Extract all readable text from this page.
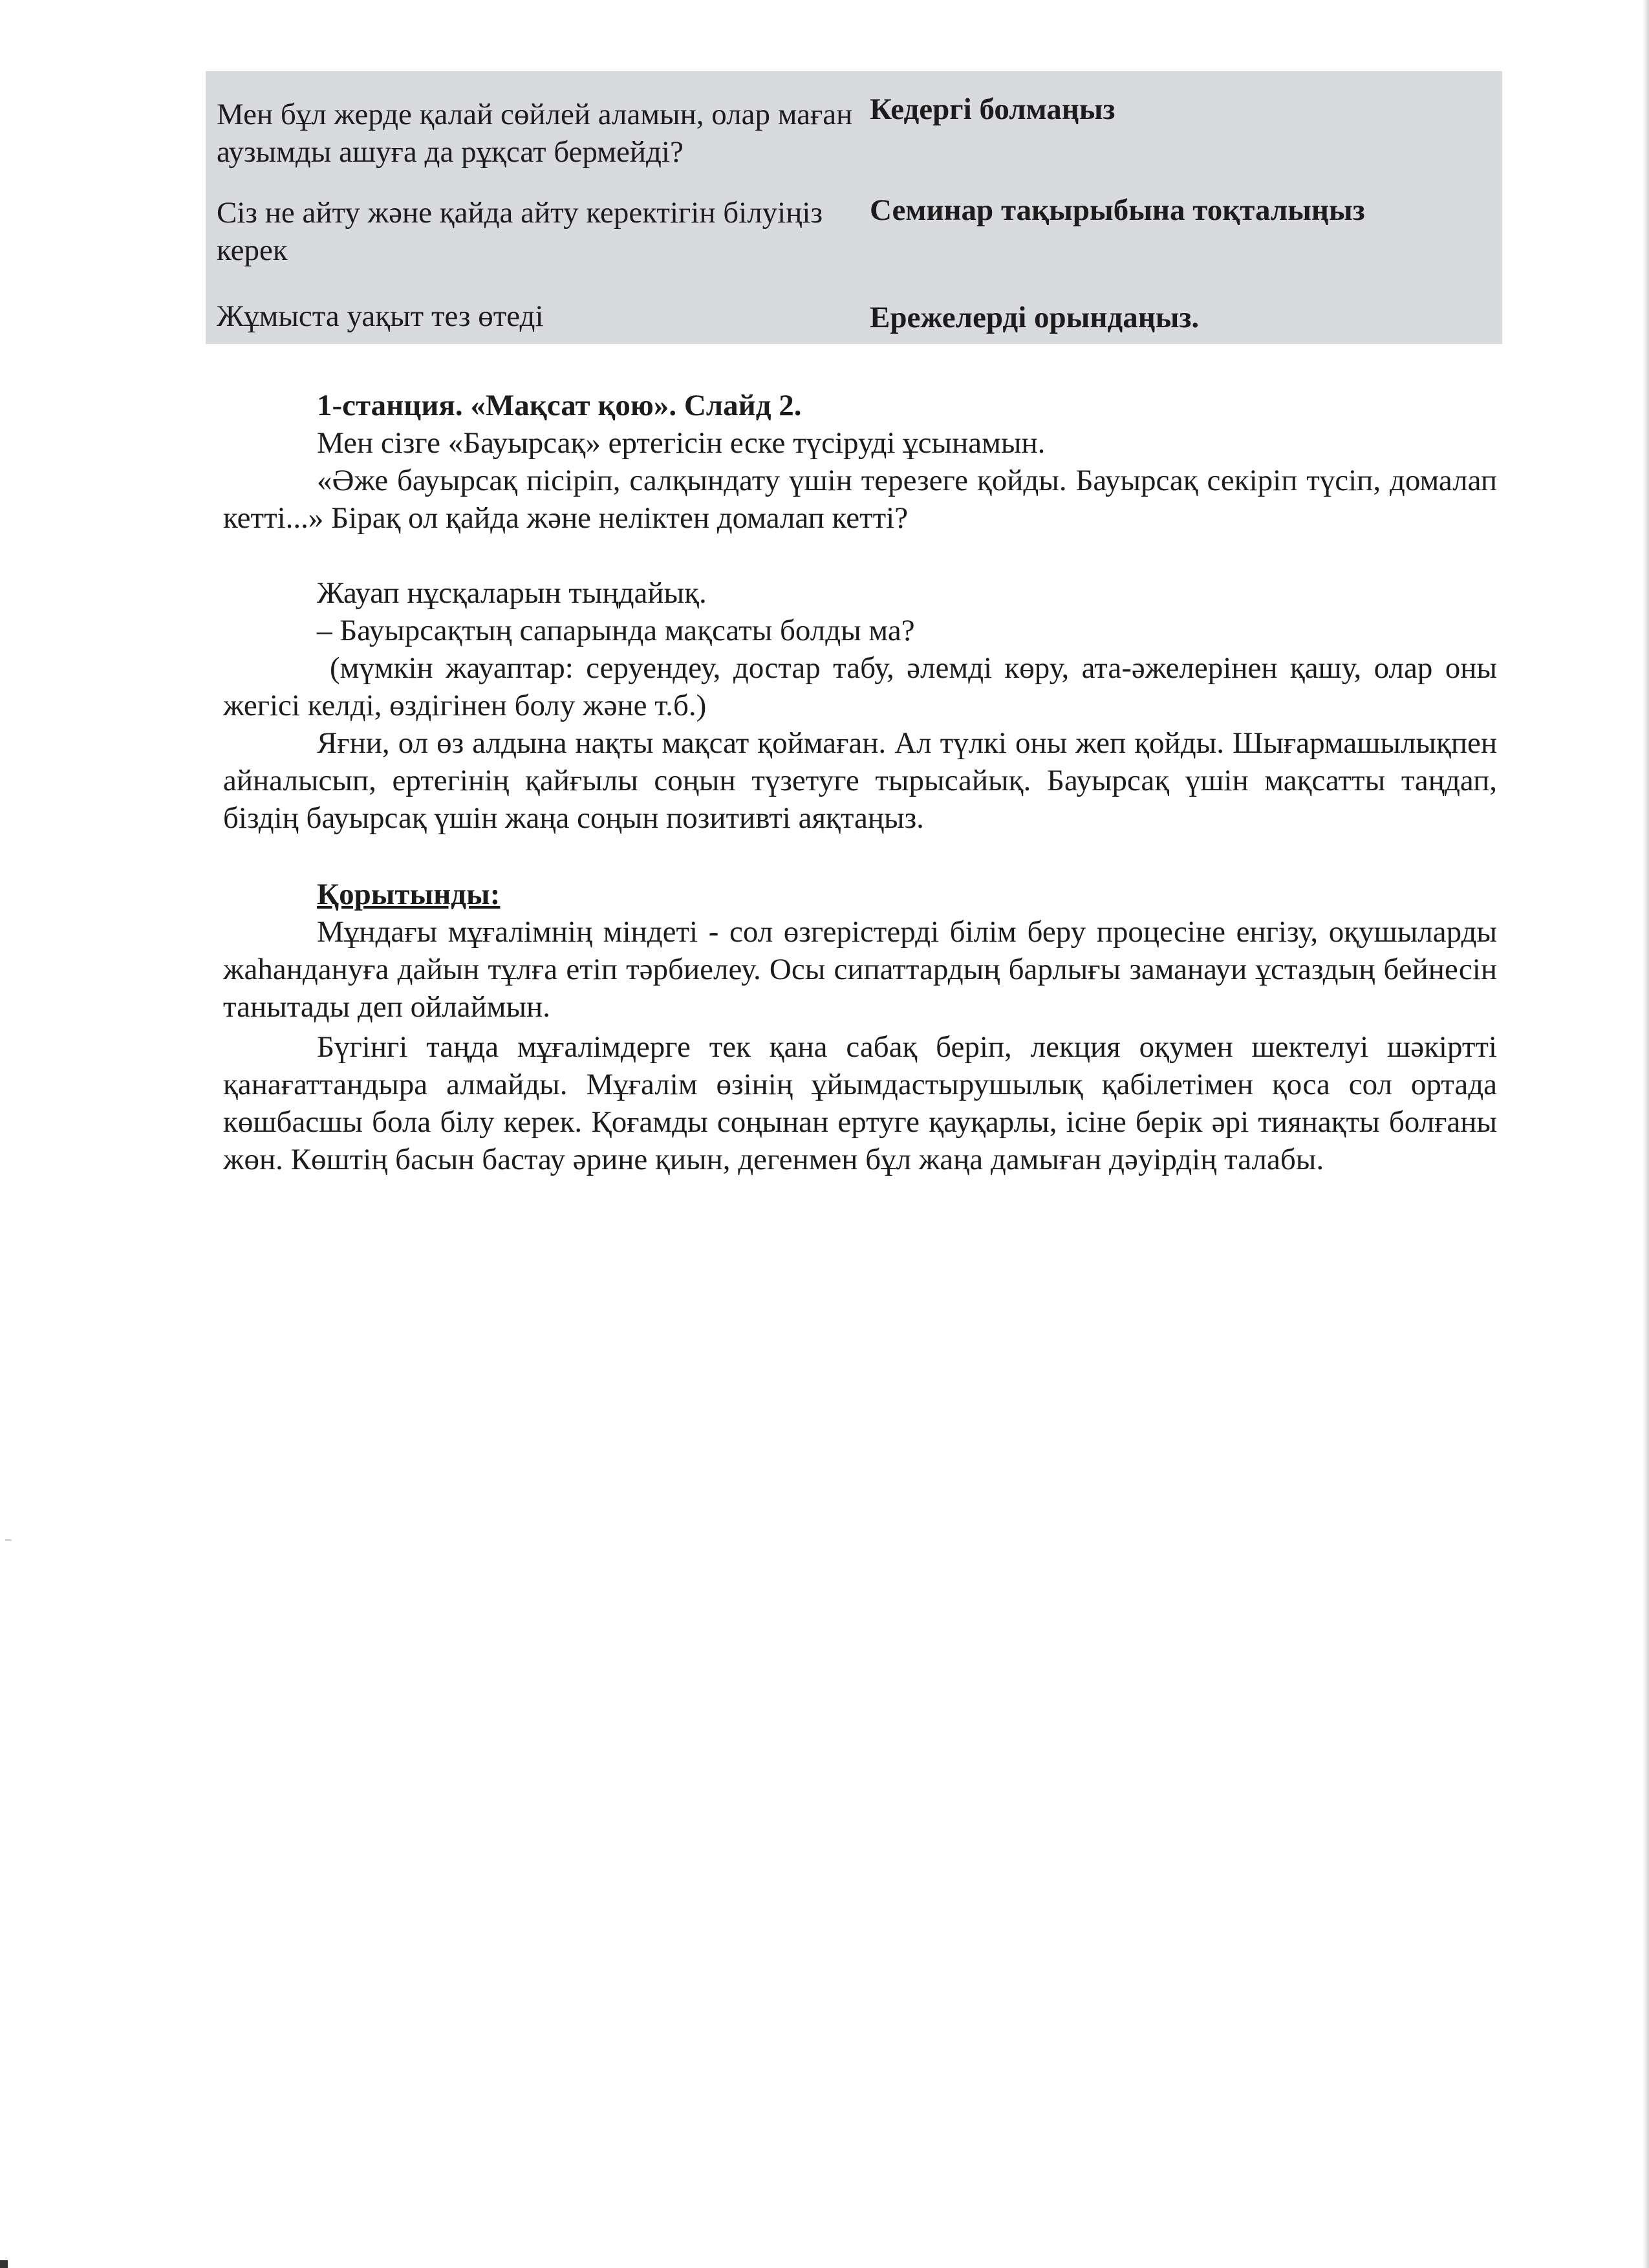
Мен бұл жерде қалай сөйлей аламын, олар маған аузымды ашуға да рұқсат бермейді?
Кедергі болмаңыз
Сіз не айту және қайда айту керектігін білуіңіз керек
Семинар тақырыбына тоқталыңыз
Жұмыста уақыт тез өтеді	Ережелерді орындаңыз.
1-станция. «Мақсат қою». Слайд 2.
Мен сізге «Бауырсақ» ертегісін еске түсіруді ұсынамын.
«Әже бауырсақ пісіріп, салқындату үшін терезеге қойды. Бауырсақ секіріп түсіп, домалап кетті...» Бірақ ол қайда және неліктен домалап кетті?
Жауап нұсқаларын тыңдайық.
– Бауырсақтың сапарында мақсаты болды ма?
(мүмкін жауаптар: серуендеу, достар табу, әлемді көру, ата-әжелерінен қашу, олар оны жегісі келді, өздігінен болу және т.б.)
Яғни, ол өз алдына нақты мақсат қоймаған. Ал түлкі оны жеп қойды. Шығармашылықпен айналысып, ертегінің қайғылы соңын түзетуге тырысайық. Бауырсақ үшін мақсатты таңдап, біздің бауырсақ үшін жаңа соңын позитивті аяқтаңыз.
Қорытынды:
Мұндағы мұғалімнің міндеті - сол өзгерістерді білім беру процесіне енгізу, оқушыларды жаһандануға дайын тұлға етіп тәрбиелеу. Осы сипаттардың барлығы заманауи ұстаздың бейнесін танытады деп ойлаймын.
Бүгінгі таңда мұғалімдерге тек қана сабақ беріп, лекция оқумен шектелуі шәкіртті қанағаттандыра алмайды. Мұғалім өзінің ұйымдастырушылық қабілетімен қоса сол ортада көшбасшы бола білу керек. Қоғамды соңынан ертуге қауқарлы, ісіне берік әрі тиянақты болғаны жөн. Көштің басын бастау әрине қиын, дегенмен бұл жаңа дамыған дәуірдің талабы.
